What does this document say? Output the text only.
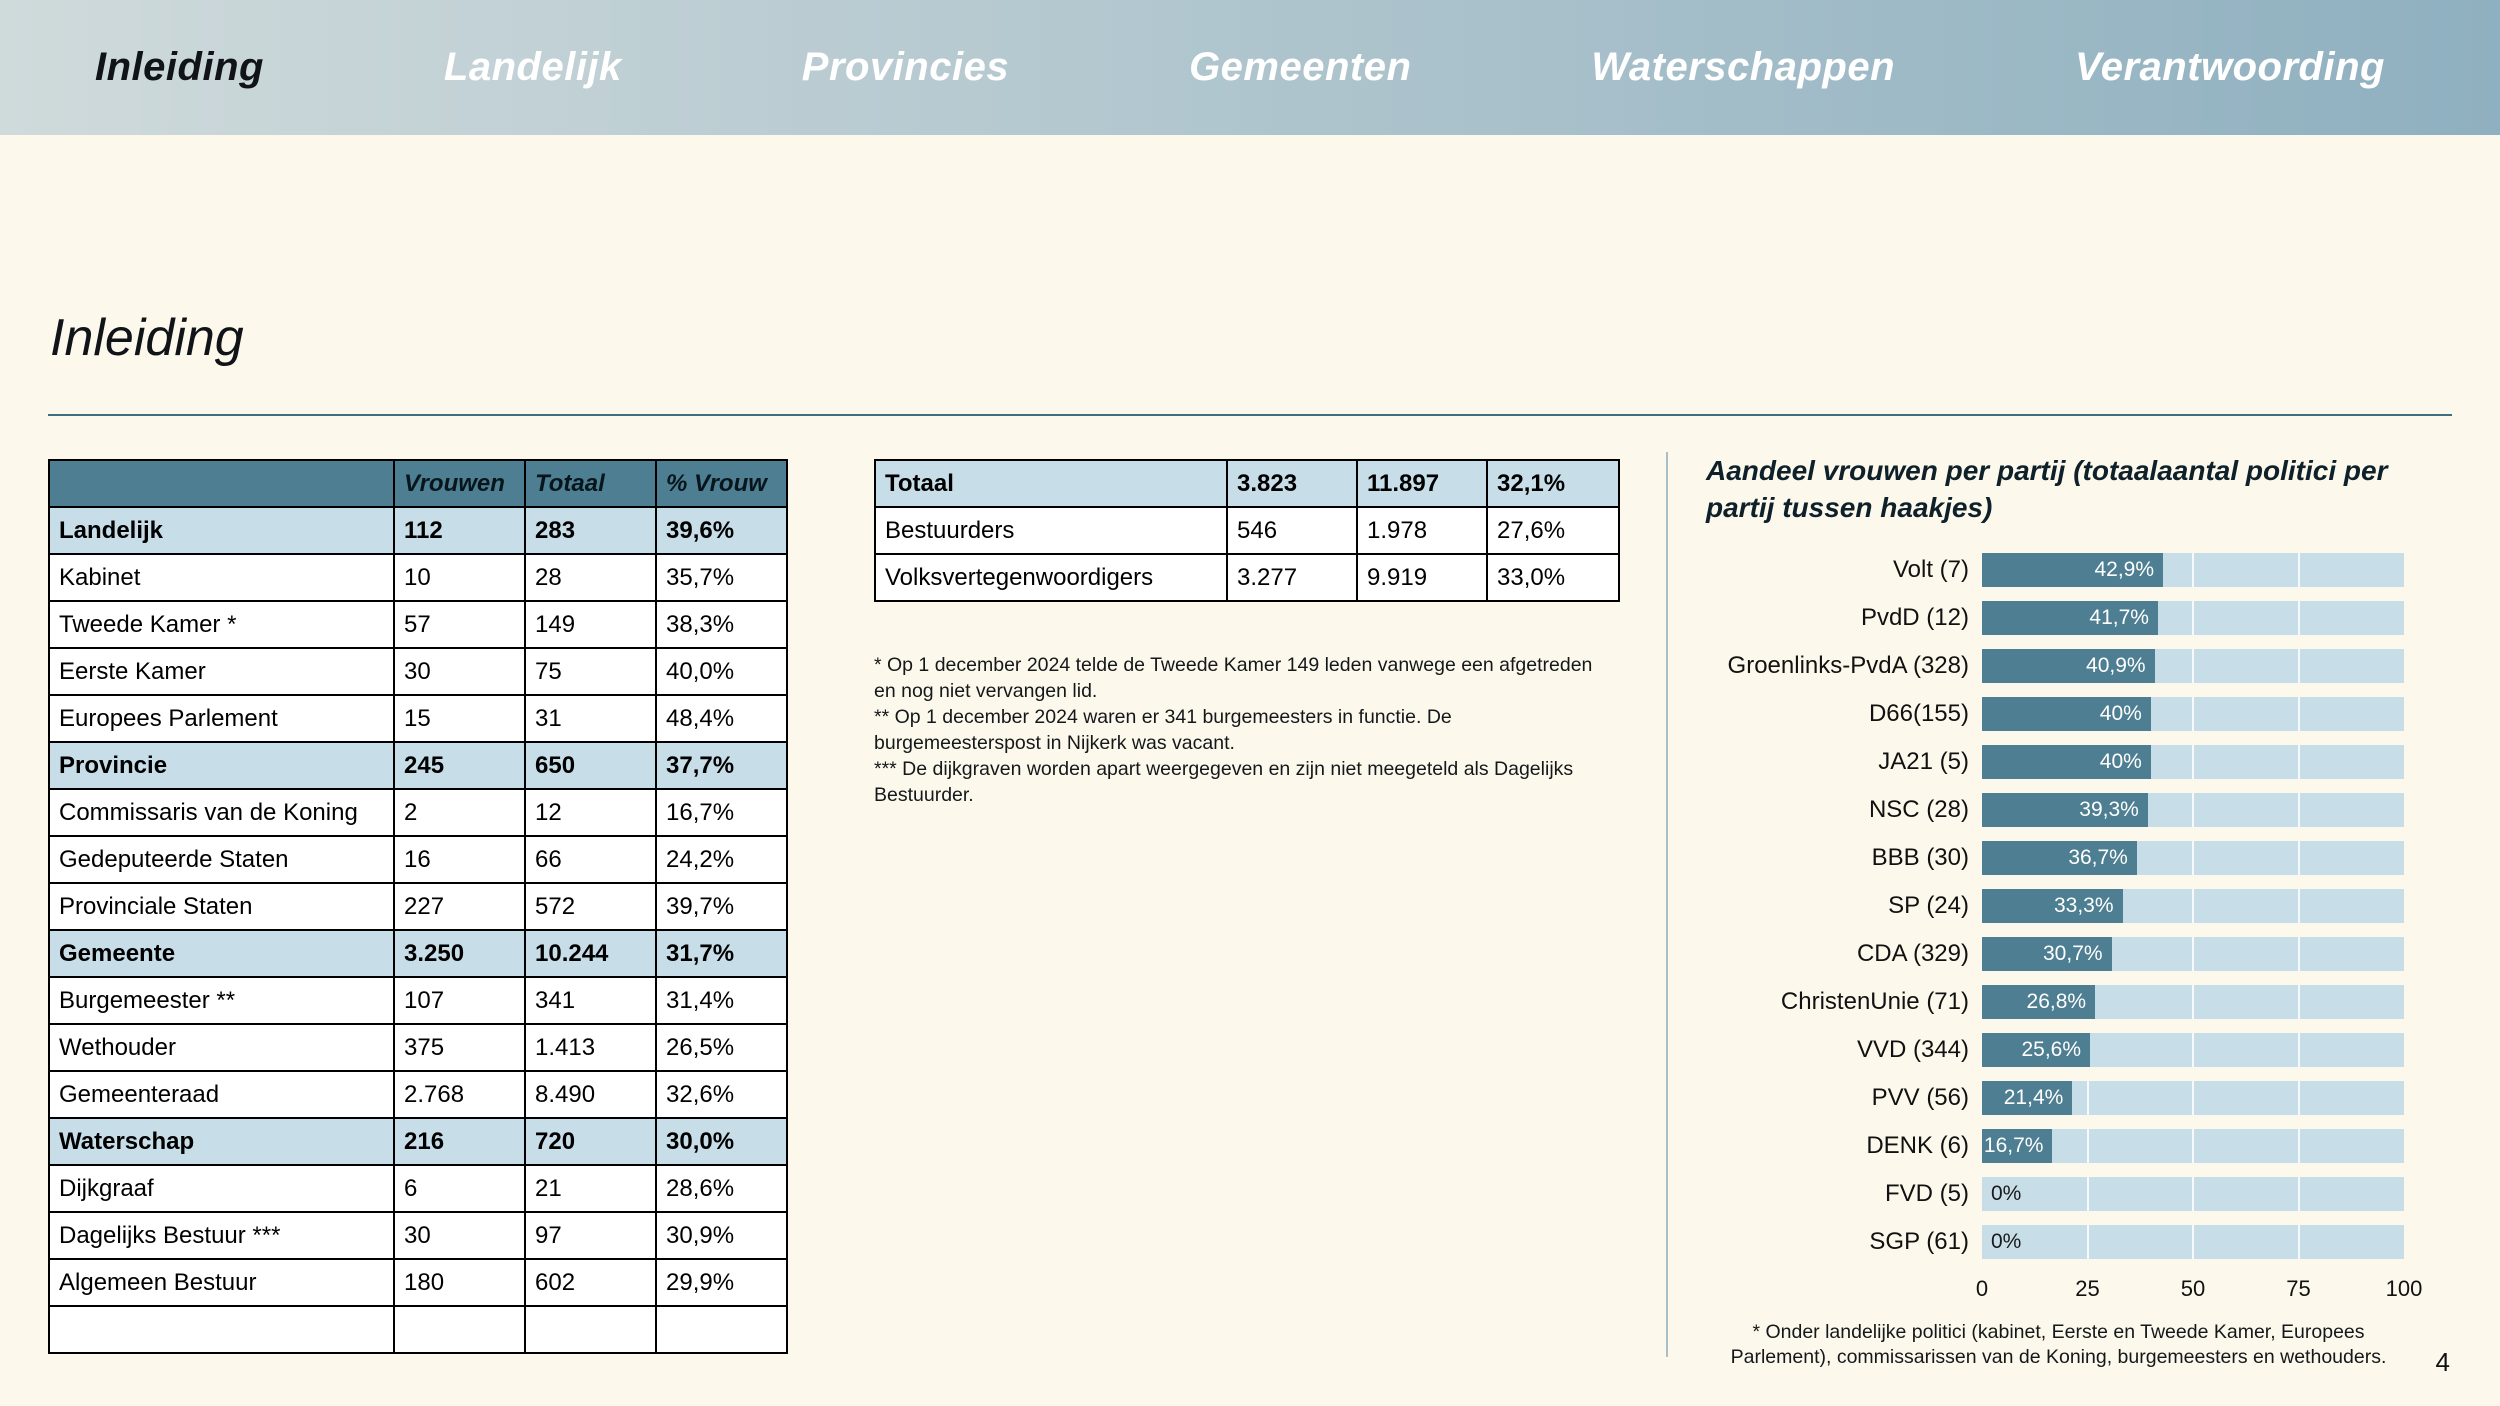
Inleiding	Landelijk	Provincies	Gemeenten	Waterschappen	Verantwoording
Inleiding
	Vrouwen	Totaal	% Vrouw
Landelijk	112	283	39,6%
Kabinet	10	28	35,7%
Tweede Kamer *	57	149	38,3%
Eerste Kamer	30	75	40,0%
Europees Parlement	15	31	48,4%
Provincie	245	650	37,7%
Commissaris van de Koning	2	12	16,7%
Gedeputeerde Staten	16	66	24,2%
Provinciale Staten	227	572	39,7%
Gemeente	3.250	10.244	31,7%
Burgemeester **	107	341	31,4%
Wethouder	375	1.413	26,5%
Gemeenteraad	2.768	8.490	32,6%
Waterschap	216	720	30,0%
Dijkgraaf	6	21	28,6%
Dagelijks Bestuur ***	30	97	30,9%
Algemeen Bestuur	180	602	29,9%

Totaal	3.823	11.897	32,1%
Bestuurders	546	1.978	27,6%
Volksvertegenwoordigers	3.277	9.919	33,0%

* Op 1 december 2024 telde de Tweede Kamer 149 leden vanwege een afgetreden en nog niet vervangen lid.

** Op 1 december 2024 waren er 341 burgemeesters in functie. De burgemeesterspost in Nijkerk was vacant.

*** De dijkgraven worden apart weergegeven en zijn niet meegeteld als Dagelijks Bestuurder.

Aandeel vrouwen per partij (totaalaantal politici per partij tussen haakjes)
Volt (7)	42,9%
PvdD (12)	41,7%
Groenlinks-PvdA (328)	40,9%
D66(155)	40%
JA21 (5)	40%
NSC (28)	39,3%
BBB (30)	36,7%
SP (24)	33,3%
CDA (329)	30,7%
ChristenUnie (71)	26,8%
VVD (344)	25,6%
PVV (56)	21,4%
DENK (6) 16,7%
FVD (5)	0%
SGP (61)	0%
0	25	50	75	100
* Onder landelijke politici (kabinet, Eerste en Tweede Kamer, Europees Parlement), commissarissen van de Koning, burgemeesters en wethouders.	4
